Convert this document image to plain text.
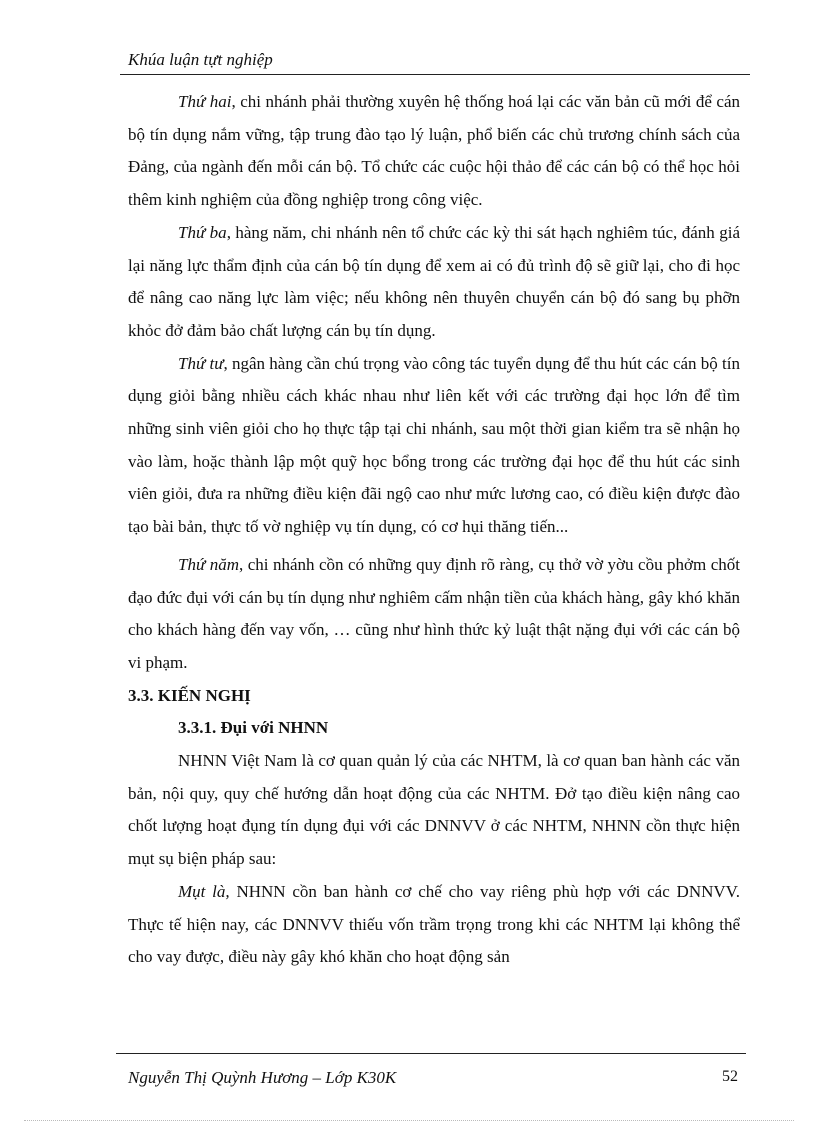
Khúa luận tựt nghiệp

Thứ hai, chi nhánh phải thường xuyên hệ thống hoá lại các văn bản cũ mới để cán bộ tín dụng nắm vững, tập trung đào tạo lý luận, phổ biến các chủ trương chính sách của Đảng, của ngành đến mỗi cán bộ. Tổ chức các cuộc hội thảo để các cán bộ có thể học hỏi thêm kinh nghiệm của đồng nghiệp trong công việc.

Thứ ba, hàng năm, chi nhánh nên tổ chức các kỳ thi sát hạch nghiêm túc, đánh giá lại năng lực thẩm định của cán bộ tín dụng để xem ai có đủ trình độ sẽ giữ lại, cho đi học để nâng cao năng lực làm việc; nếu không nên thuyên chuyển cán bộ đó sang bụ phỡn khỏc đở đảm bảo chất lượng cán bụ tín dụng.

Thứ tư, ngân hàng cần chú trọng vào công tác tuyển dụng để thu hút các cán bộ tín dụng giỏi bằng nhiều cách khác nhau như liên kết với các trường đại học lớn để tìm những sinh viên giỏi cho họ thực tập tại chi nhánh, sau một thời gian kiểm tra sẽ nhận họ vào làm, hoặc thành lập một quỹ học bổng trong các trường đại học để thu hút các sinh viên giỏi, đưa ra những điều kiện đãi ngộ cao như mức lương cao, có điều kiện được đào tạo bài bản, thực tố vờ nghiệp vụ tín dụng, có cơ hụi thăng tiến...

Thứ năm, chi nhánh cồn có những quy định rõ ràng, cụ thở vờ yờu cồu phởm chốt đạo đức đụi với cán bụ tín dụng như nghiêm cấm nhận tiền của khách hàng, gây khó khăn cho khách hàng đến vay vốn, … cũng như hình thức kỷ luật thật nặng đụi với các cán bộ vi phạm.

3.3. KIẾN NGHỊ
3.3.1. Đụi với NHNN

NHNN Việt Nam là cơ quan quản lý của các NHTM, là cơ quan ban hành các văn bản, nội quy, quy chế hướng dẫn hoạt động của các NHTM. Đở tạo điều kiện nâng cao chốt lượng hoạt đụng tín dụng đụi với các DNNVV ở các NHTM, NHNN cồn thực hiện mụt sụ biện pháp sau:

Mụt là, NHNN cồn ban hành cơ chế cho vay riêng phù hợp với các DNNVV. Thực tế hiện nay, các DNNVV thiếu vốn trầm trọng trong khi các NHTM lại không thể cho vay được, điều này gây khó khăn cho hoạt động sản

Nguyễn Thị Quỳnh Hương – Lớp K30K	52
